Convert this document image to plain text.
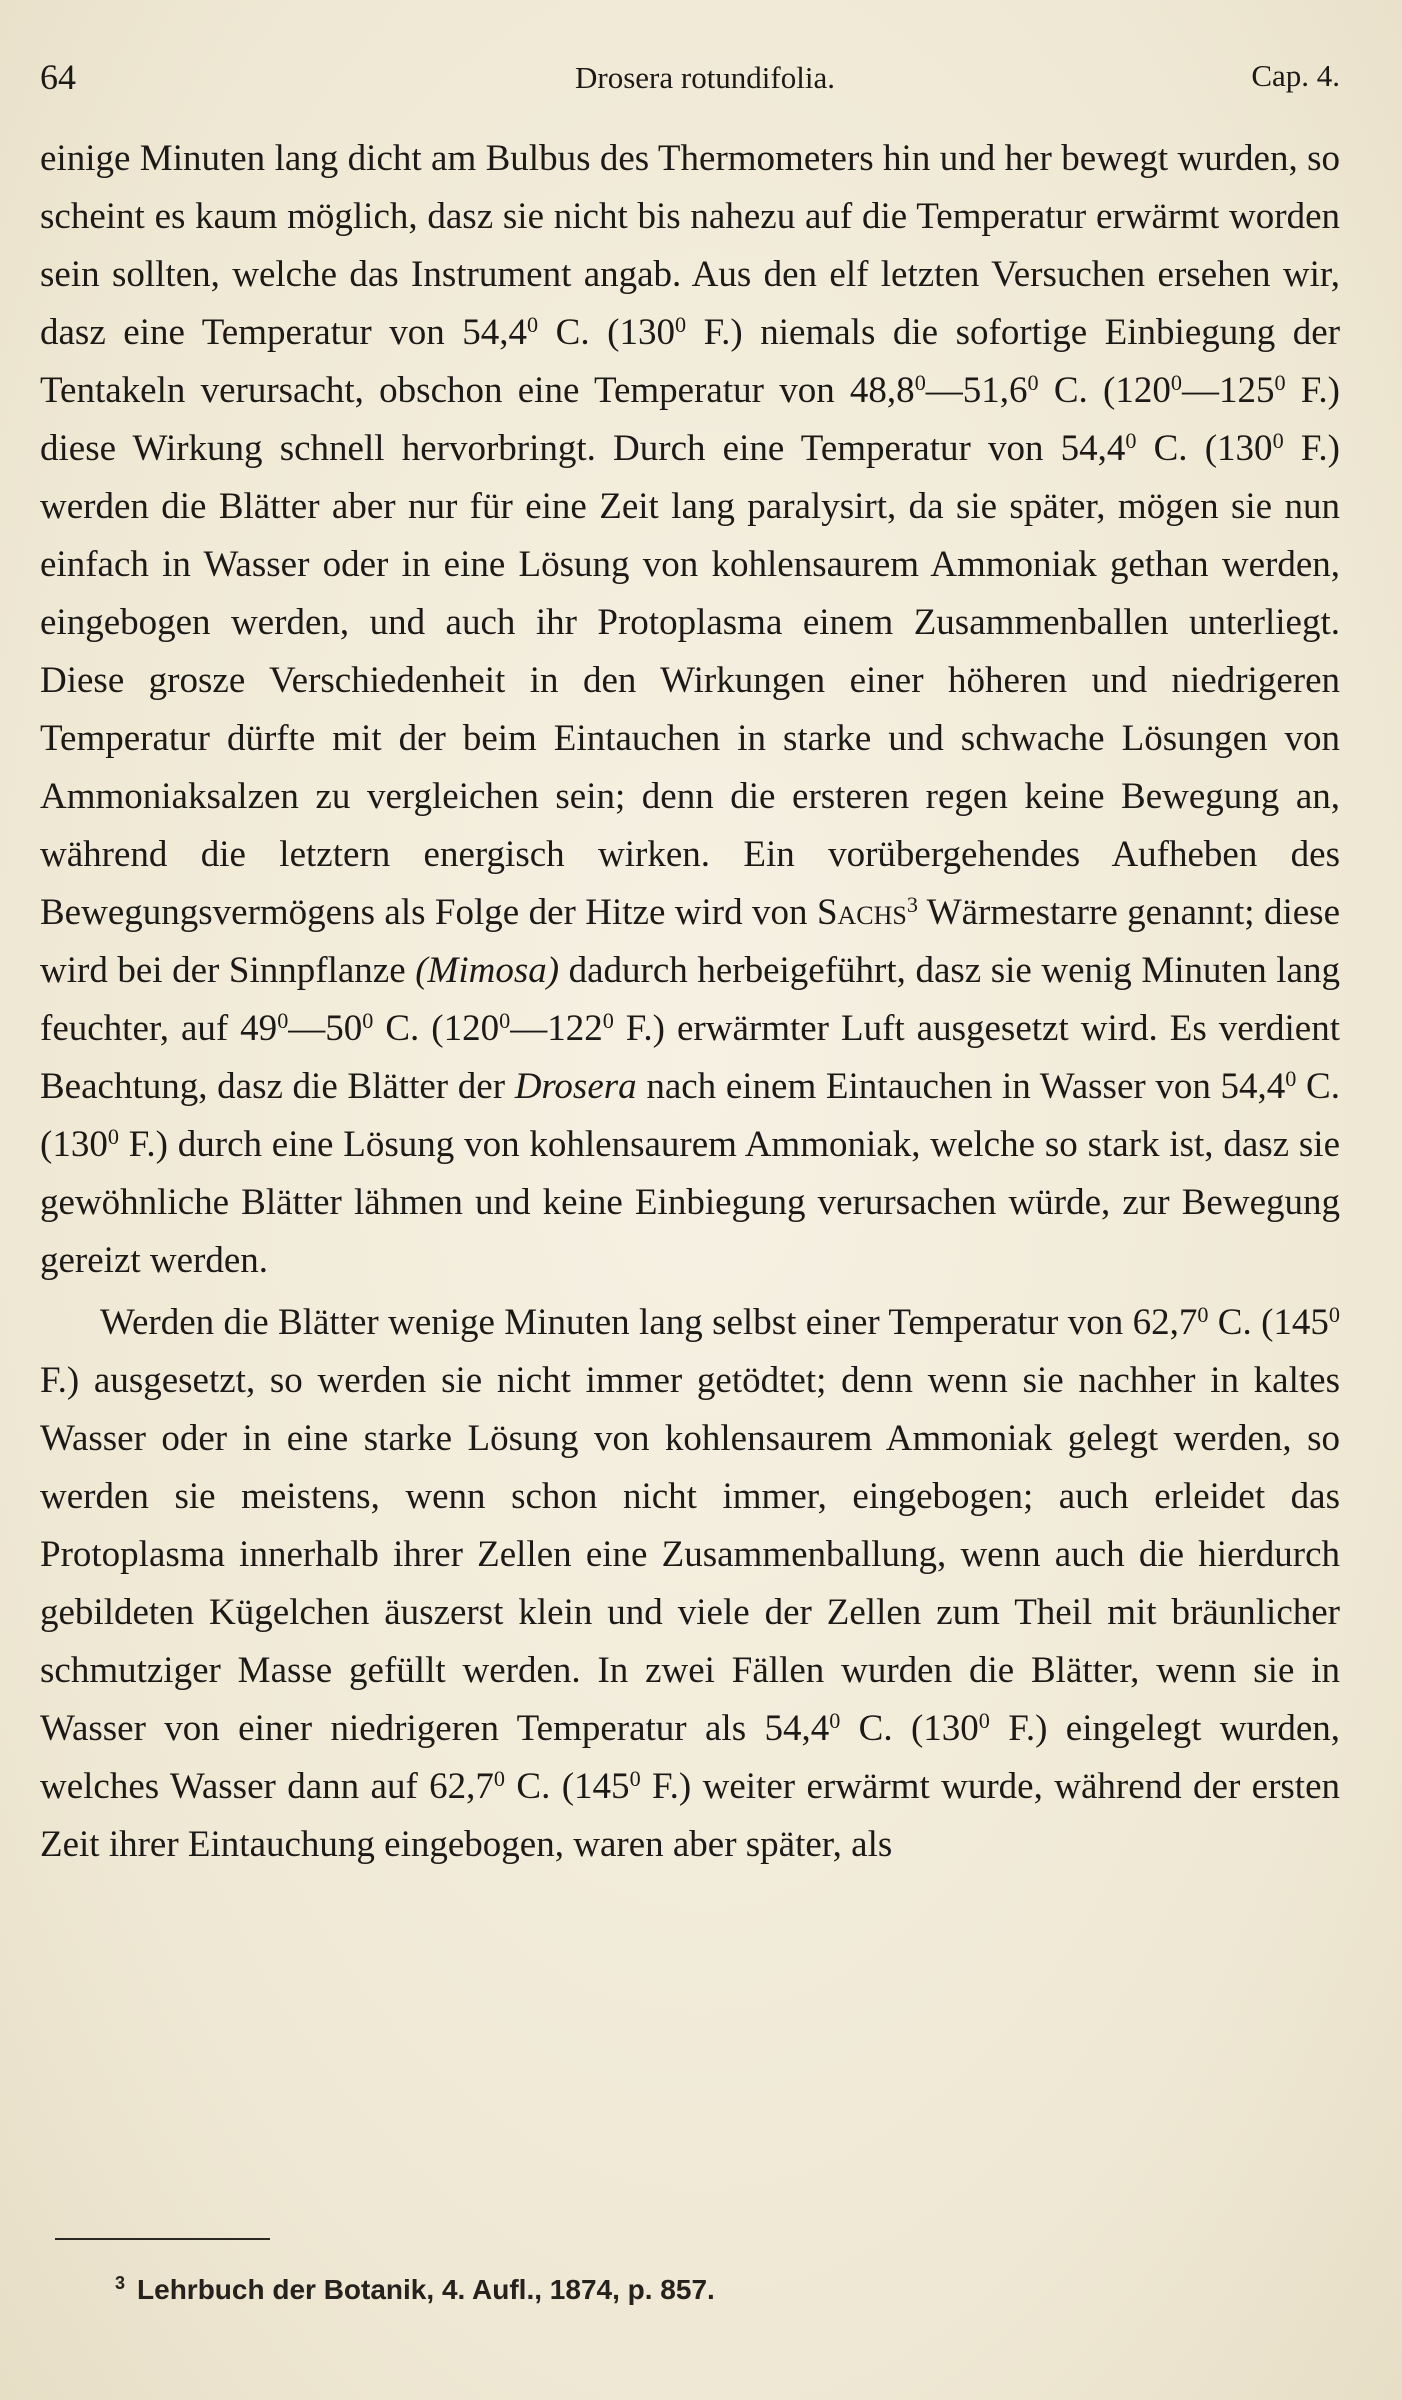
64	Drosera rotundifolia.	Cap. 4.

einige Minuten lang dicht am Bulbus des Thermometers hin und her bewegt wurden, so scheint es kaum möglich, dasz sie nicht bis nahezu auf die Temperatur erwärmt worden sein sollten, welche das Instrument angab. Aus den elf letzten Versuchen ersehen wir, dasz eine Temperatur von 54,4$^0$ C. ($130^0$ F.) niemals die sofortige Einbiegung der Tentakeln verursacht, obschon eine Temperatur von 48,8$^0$—51,6$^0$ C. ($120^0—125^0$ F.) diese Wirkung schnell hervorbringt. Durch eine Temperatur von 54,4$^0$ C. ($130^0$ F.) werden die Blätter aber nur für eine Zeit lang paralysirt, da sie später, mögen sie nun einfach in Wasser oder in eine Lösung von kohlensaurem Ammoniak gethan werden, eingebogen werden, und auch ihr Protoplasma einem Zusammenballen unterliegt. Diese grosze Verschiedenheit in den Wirkungen einer höheren und niedrigeren Temperatur dürfte mit der beim Eintauchen in starke und schwache Lösungen von Ammoniaksalzen zu vergleichen sein; denn die ersteren regen keine Bewegung an, während die letztern energisch wirken. Ein vorübergehendes Aufheben des Bewegungsvermögens als Folge der Hitze wird von Sachs$^3$ Wärmestarre genannt; diese wird bei der Sinnpflanze (Mimosa) dadurch herbeigeführt, dasz sie wenig Minuten lang feuchter, auf $49^0—50^0$ C. ($120^0—122^0$ F.) erwärmter Luft ausgesetzt wird. Es verdient Beachtung, dasz die Blätter der Drosera nach einem Eintauchen in Wasser von 54,4$^0$ C. ($130^0$ F.) durch eine Lösung von kohlensaurem Ammoniak, welche so stark ist, dasz sie gewöhnliche Blätter lähmen und keine Einbiegung verursachen würde, zur Bewegung gereizt werden.

Werden die Blätter wenige Minuten lang selbst einer Temperatur von 62,7$^0$ C. ($145^0$ F.) ausgesetzt, so werden sie nicht immer getödtet; denn wenn sie nachher in kaltes Wasser oder in eine starke Lösung von kohlensaurem Ammoniak gelegt werden, so werden sie meistens, wenn schon nicht immer, eingebogen; auch erleidet das Protoplasma innerhalb ihrer Zellen eine Zusammenballung, wenn auch die hierdurch gebildeten Kügelchen äuszerst klein und viele der Zellen zum Theil mit bräunlicher schmutziger Masse gefüllt werden. In zwei Fällen wurden die Blätter, wenn sie in Wasser von einer niedrigeren Temperatur als 54,4$^0$ C. ($130^0$ F.) eingelegt wurden, welches Wasser dann auf 62,7$^0$ C. ($145^0$ F.) weiter erwärmt wurde, während der ersten Zeit ihrer Eintauchung eingebogen, waren aber später, als

$^3$ Lehrbuch der Botanik, 4. Aufl., 1874, p. 857.
